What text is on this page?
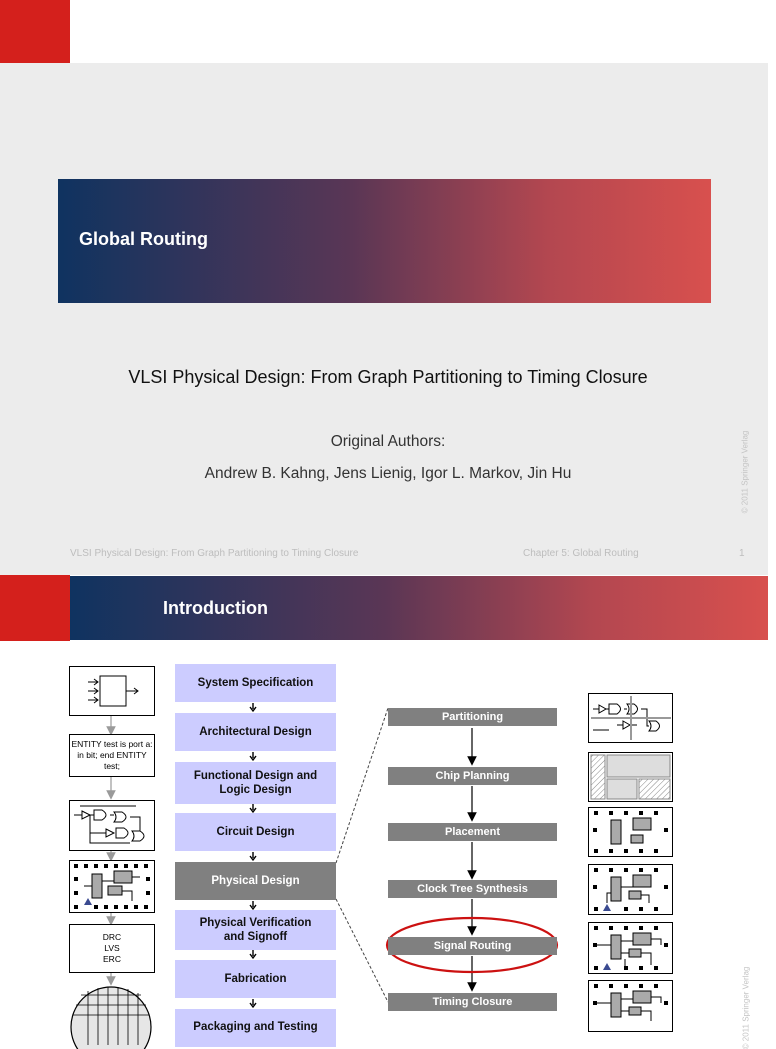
Global Routing
VLSI Physical Design: From Graph Partitioning to Timing Closure
Original Authors:
Andrew B. Kahng, Jens Lienig, Igor L. Markov, Jin Hu
VLSI Physical Design: From Graph Partitioning to Timing Closure	Chapter 5: Global Routing	1
© 2011 Springer Verlag
Introduction
© 2011 Springer Verlag
System Specification
Architectural Design
Functional Design and Logic Design
Circuit Design
Physical Design
Physical Verification and Signoff
Fabrication
Packaging and Testing
Partitioning
Chip Planning
Placement
Clock Tree Synthesis
Signal Routing
Timing Closure
ENTITY test is port a: in bit; end ENTITY test;
DRC
LVS
ERC
